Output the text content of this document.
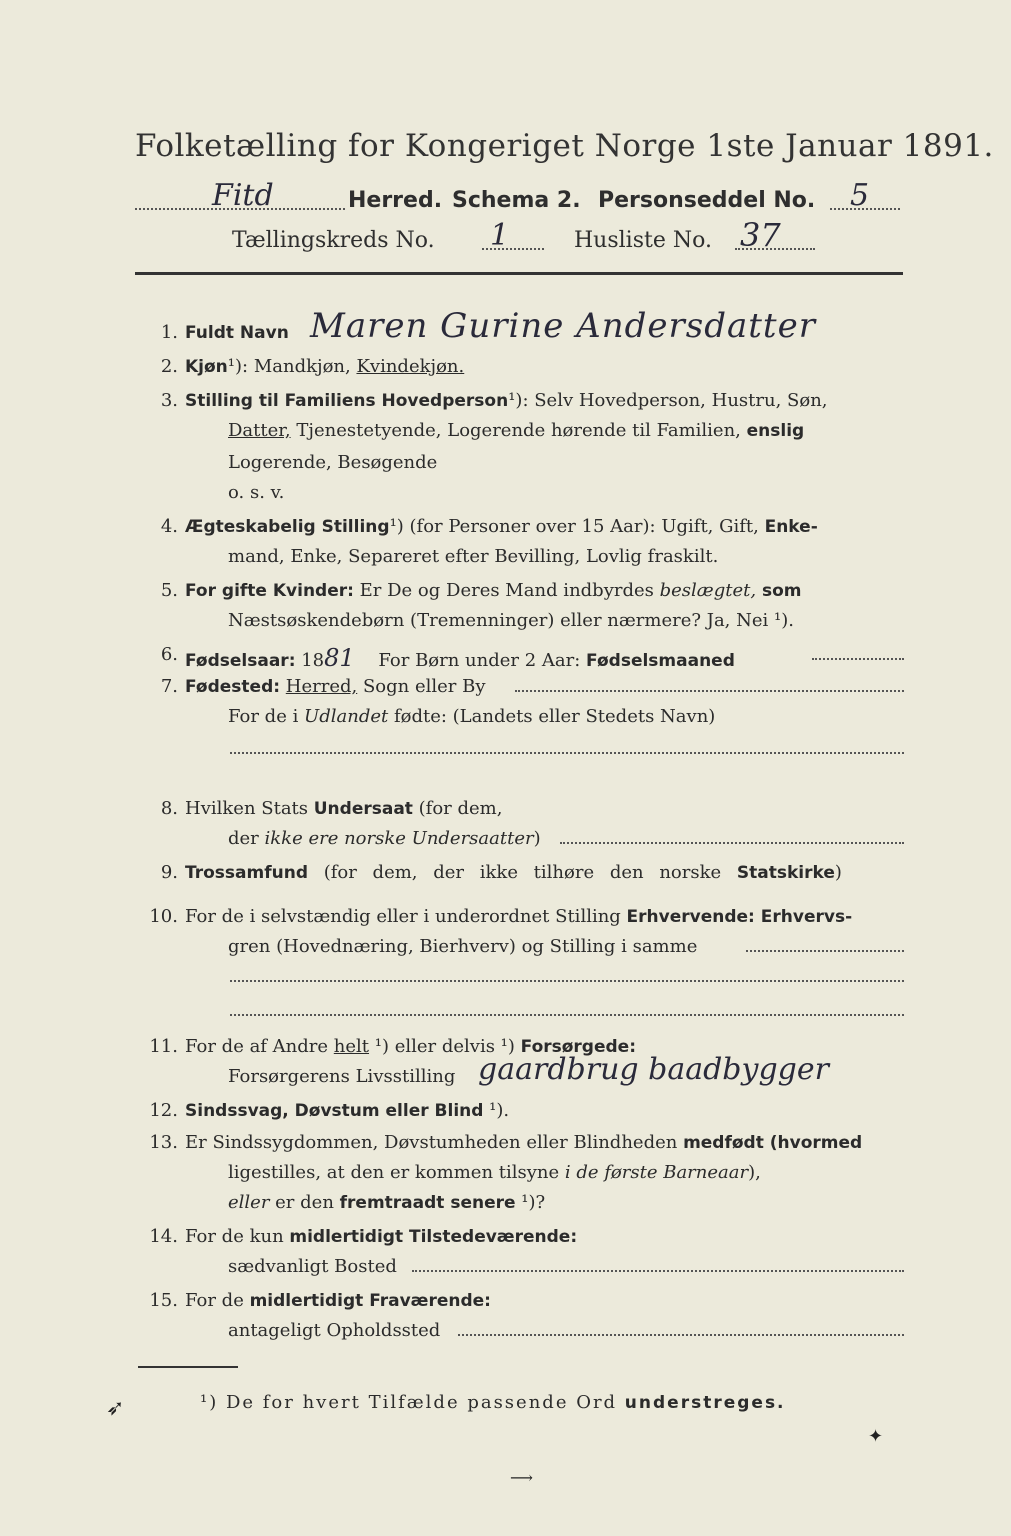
Folketælling for Kongeriget Norge 1ste Januar 1891.
Fitd	Herred. Schema 2. Personseddel No. 5
Tællingskreds No. 1	Husliste No. 37
1. Fuldt Navn Maren Gurine Andersdatter
2. Kjøn¹): Mandkjøn, Kvindekjøn.
3. Stilling til Familiens Hovedperson¹): Selv Hovedperson, Hustru, Søn,
Datter, Tjenestetyende, Logerende hørende til Familien, enslig
Logerende, Besøgende
o. s. v.
4. Ægteskabelig Stilling¹) (for Personer over 15 Aar): Ugift, Gift, Enke-
mand, Enke, Separeret efter Bevilling, Lovlig fraskilt.
5. For gifte Kvinder: Er De og Deres Mand indbyrdes beslægtet, som
Næstsøskendebørn (Tremenninger) eller nærmere? Ja, Nei ¹).
6. Fødselsaar: 1881 For Børn under 2 Aar: Fødselsmaaned
7. Fødested: Herred, Sogn eller By
For de i Udlandet fødte: (Landets eller Stedets Navn)
8. Hvilken Stats Undersaat (for dem,
der ikke ere norske Undersaatter)
9. Trossamfund (for dem, der ikke tilhøre den norske Statskirke)
10. For de i selvstændig eller i underordnet Stilling Erhvervende: Erhvervs-
gren (Hovednæring, Bierhverv) og Stilling i samme
11. For de af Andre helt ¹) eller delvis ¹) Forsørgede:
Forsørgerens Livsstilling gaardbrug baadbygger
12. Sindssvag, Døvstum eller Blind ¹).
13. Er Sindssygdommen, Døvstumheden eller Blindheden medfødt (hvormed
ligestilles, at den er kommen tilsyne i de første Barneaar),
eller er den fremtraadt senere ¹)?
14. For de kun midlertidigt Tilstedeværende:
sædvanligt Bosted
15. For de midlertidigt Fraværende:
antageligt Opholdssted
¹) De for hvert Tilfælde passende Ord understreges.
➶
✦
⟶
